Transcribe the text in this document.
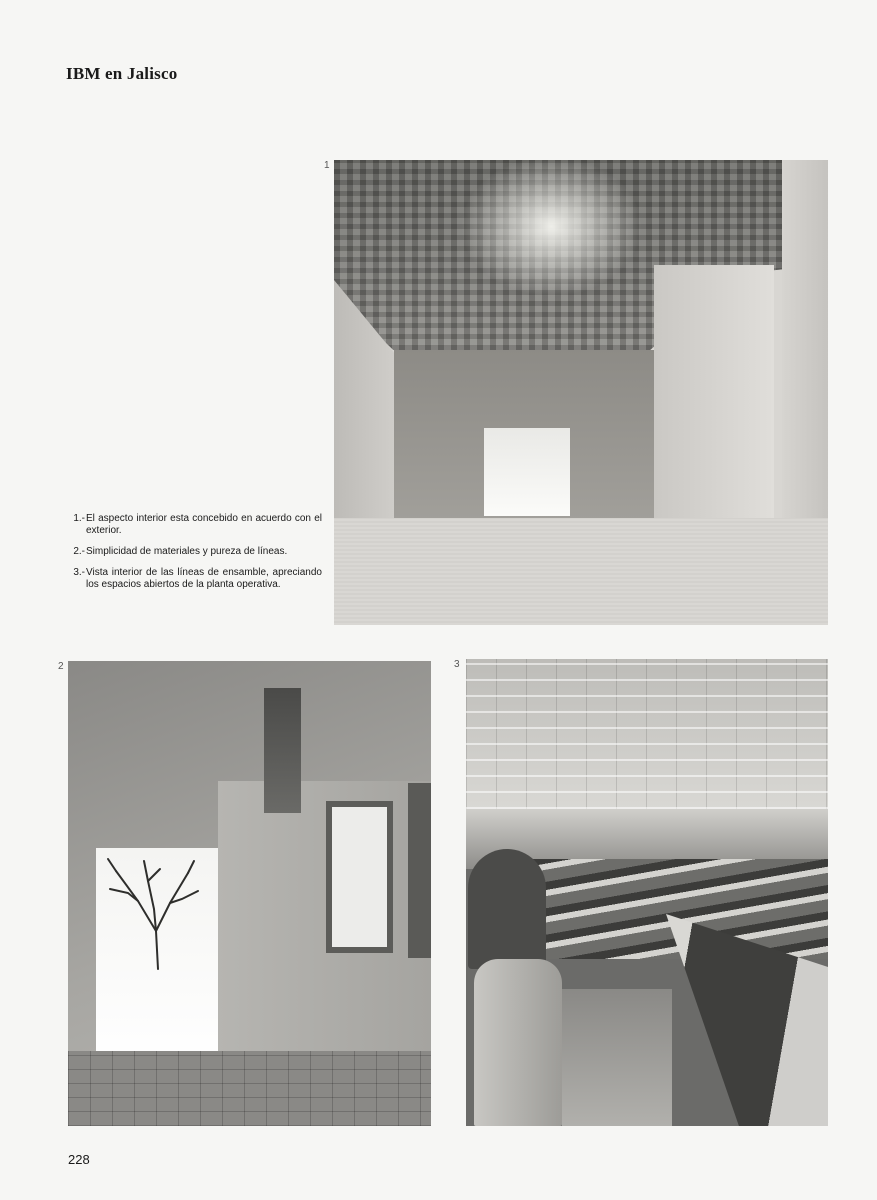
IBM en Jalisco
1
1.- El aspecto interior esta concebido en acuerdo con el exterior.
2.- Simplicidad de materiales y pureza de líneas.
3.- Vista interior de las líneas de ensamble, apreciando los espacios abiertos de la planta operativa.
2	3
228
